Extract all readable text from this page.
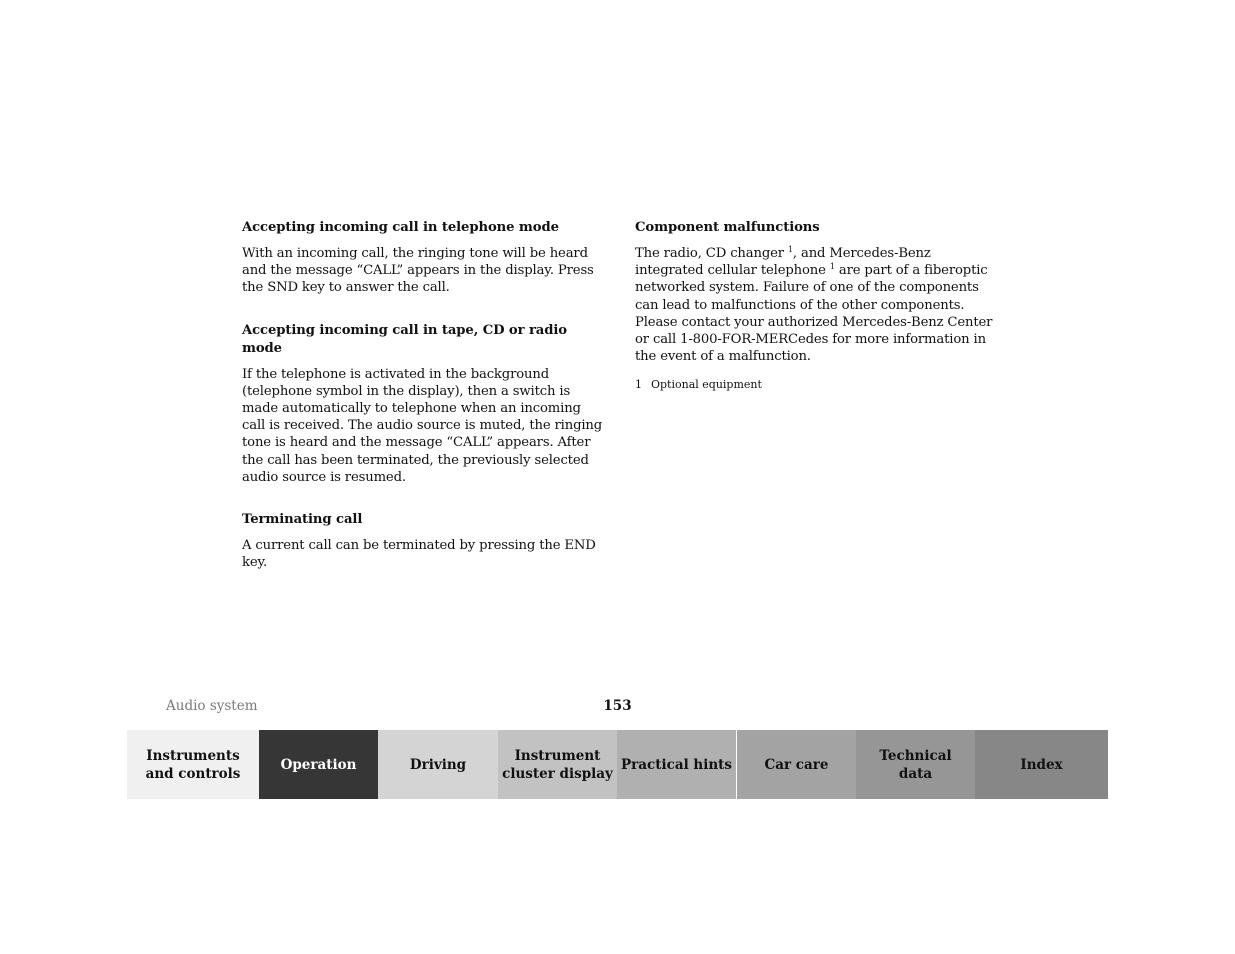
Accepting incoming call in telephone mode

With an incoming call, the ringing tone will be heard and the message “CALL” appears in the display. Press the SND key to answer the call.

Accepting incoming call in tape, CD or radio mode

If the telephone is activated in the background (telephone symbol in the display), then a switch is made automatically to telephone when an incoming call is received. The audio source is muted, the ringing tone is heard and the message “CALL” appears. After the call has been terminated, the previously selected audio source is resumed.

Terminating call

A current call can be terminated by pressing the END key.

Component malfunctions

The radio, CD changer $^1$, and Mercedes-Benz integrated cellular telephone $^1$ are part of a fiberoptic networked system. Failure of one of the components can lead to malfunctions of the other components. Please contact your authorized Mercedes-Benz Center or call 1-800-FOR-MERCedes for more information in the event of a malfunction.

1 Optional equipment
Audio system	153
Instruments
and controls
Operation	Driving
Instrument
cluster display
Practical hints Car care
Technical
data
Index
